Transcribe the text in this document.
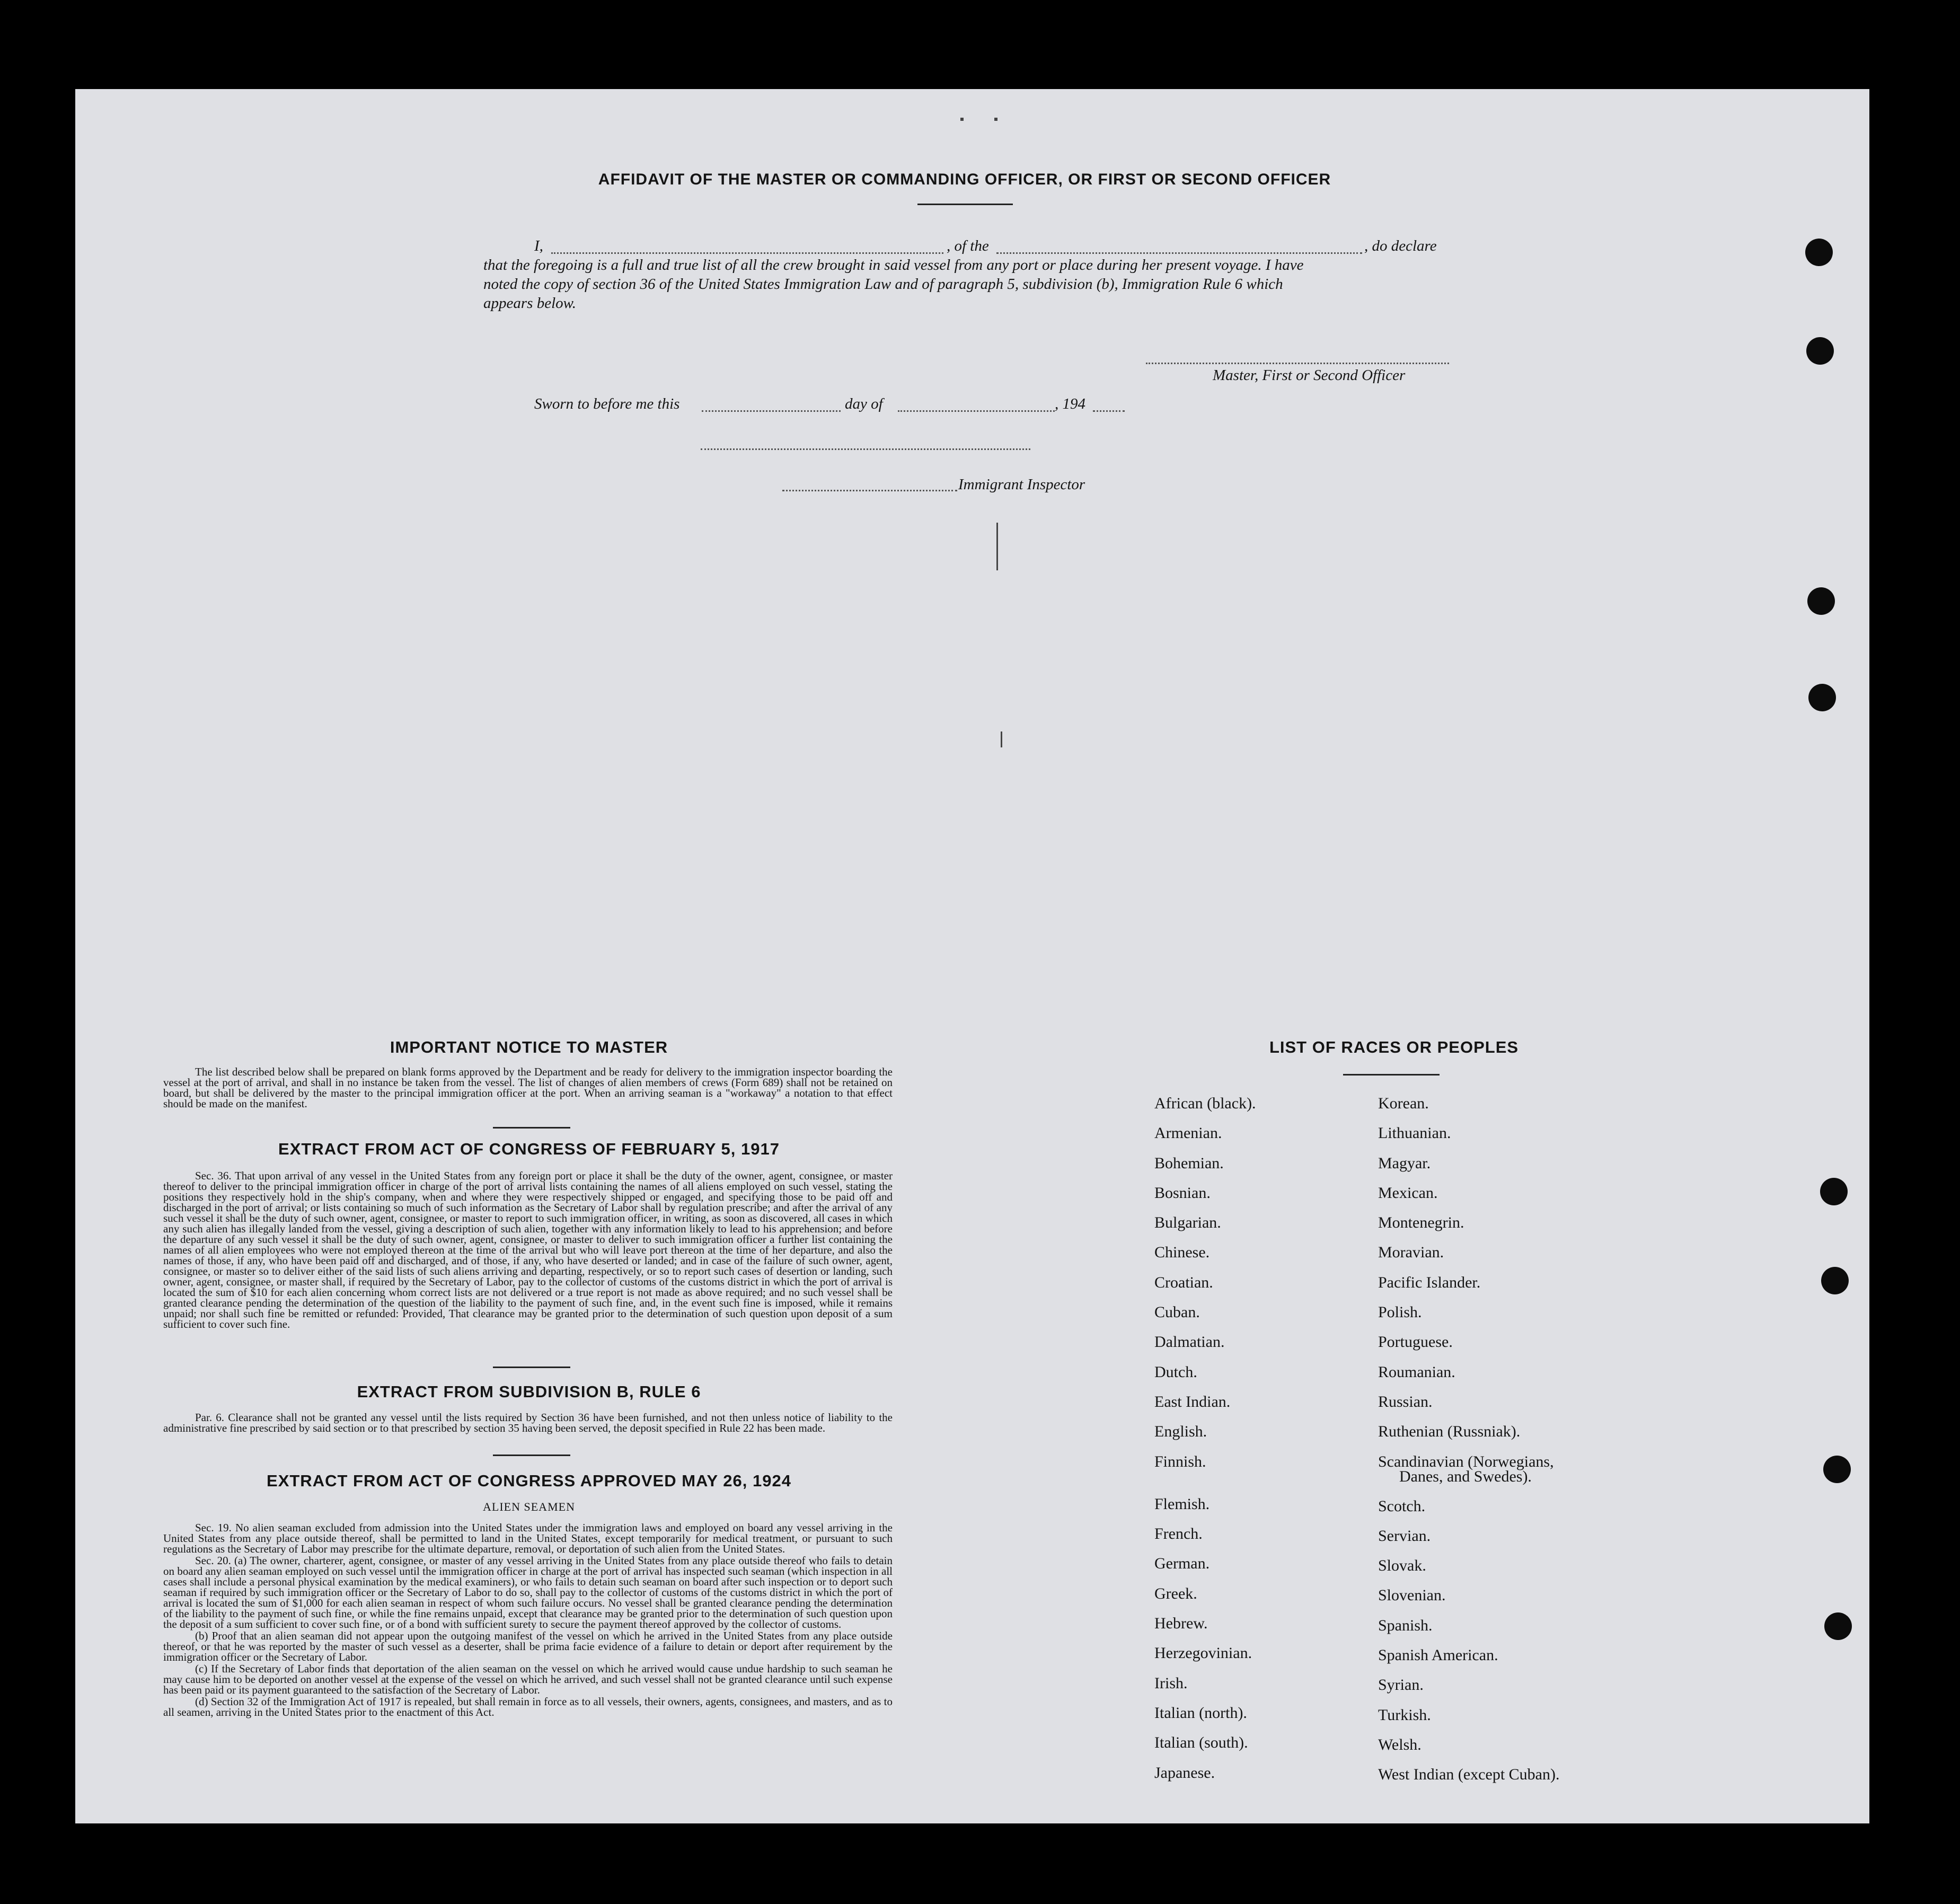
AFFIDAVIT OF THE MASTER OR COMMANDING OFFICER, OR FIRST OR SECOND OFFICER
I,	, of the	, do declare
that the foregoing is a full and true list of all the crew brought in said vessel from any port or place during her present voyage. I have
noted the copy of section 36 of the United States Immigration Law and of paragraph 5, subdivision (b), Immigration Rule 6 which
appears below.
Master, First or Second Officer
Sworn to before me this	day of	, 194
Immigrant Inspector
IMPORTANT NOTICE TO MASTER

The list described below shall be prepared on blank forms approved by the Department and be ready for delivery to the immigration inspector boarding the vessel at the port of arrival, and shall in no instance be taken from the vessel. The list of changes of alien members of crews (Form 689) shall not be retained on board, but shall be delivered by the master to the principal immigration officer at the port. When an arriving seaman is a "workaway" a notation to that effect should be made on the manifest.

EXTRACT FROM ACT OF CONGRESS OF FEBRUARY 5, 1917

Sec. 36. That upon arrival of any vessel in the United States from any foreign port or place it shall be the duty of the owner, agent, consignee, or master thereof to deliver to the principal immigration officer in charge of the port of arrival lists containing the names of all aliens employed on such vessel, stating the positions they respectively hold in the ship's company, when and where they were respectively shipped or engaged, and specifying those to be paid off and discharged in the port of arrival; or lists containing so much of such information as the Secretary of Labor shall by regulation prescribe; and after the arrival of any such vessel it shall be the duty of such owner, agent, consignee, or master to report to such immigration officer, in writing, as soon as discovered, all cases in which any such alien has illegally landed from the vessel, giving a description of such alien, together with any information likely to lead to his apprehension; and before the departure of any such vessel it shall be the duty of such owner, agent, consignee, or master to deliver to such immigration officer a further list containing the names of all alien employees who were not employed thereon at the time of the arrival but who will leave port thereon at the time of her departure, and also the names of those, if any, who have been paid off and discharged, and of those, if any, who have deserted or landed; and in case of the failure of such owner, agent, consignee, or master so to deliver either of the said lists of such aliens arriving and departing, respectively, or so to report such cases of desertion or landing, such owner, agent, consignee, or master shall, if required by the Secretary of Labor, pay to the collector of customs of the customs district in which the port of arrival is located the sum of $10 for each alien concerning whom correct lists are not delivered or a true report is not made as above required; and no such vessel shall be granted clearance pending the determination of the question of the liability to the payment of such fine, and, in the event such fine is imposed, while it remains unpaid; nor shall such fine be remitted or refunded: Provided, That clearance may be granted prior to the determination of such question upon deposit of a sum sufficient to cover such fine.

EXTRACT FROM SUBDIVISION B, RULE 6

Par. 6. Clearance shall not be granted any vessel until the lists required by Section 36 have been furnished, and not then unless notice of liability to the administrative fine prescribed by said section or to that prescribed by section 35 having been served, the deposit specified in Rule 22 has been made.

EXTRACT FROM ACT OF CONGRESS APPROVED MAY 26, 1924
ALIEN SEAMEN

Sec. 19. No alien seaman excluded from admission into the United States under the immigration laws and employed on board any vessel arriving in the United States from any place outside thereof, shall be permitted to land in the United States, except temporarily for medical treatment, or pursuant to such regulations as the Secretary of Labor may prescribe for the ultimate departure, removal, or deportation of such alien from the United States.

Sec. 20. (a) The owner, charterer, agent, consignee, or master of any vessel arriving in the United States from any place outside thereof who fails to detain on board any alien seaman employed on such vessel until the immigration officer in charge at the port of arrival has inspected such seaman (which inspection in all cases shall include a personal physical examination by the medical examiners), or who fails to detain such seaman on board after such inspection or to deport such seaman if required by such immigration officer or the Secretary of Labor to do so, shall pay to the collector of customs of the customs district in which the port of arrival is located the sum of $1,000 for each alien seaman in respect of whom such failure occurs. No vessel shall be granted clearance pending the determination of the liability to the payment of such fine, or while the fine remains unpaid, except that clearance may be granted prior to the determination of such question upon the deposit of a sum sufficient to cover such fine, or of a bond with sufficient surety to secure the payment thereof approved by the collector of customs.

(b) Proof that an alien seaman did not appear upon the outgoing manifest of the vessel on which he arrived in the United States from any place outside thereof, or that he was reported by the master of such vessel as a deserter, shall be prima facie evidence of a failure to detain or deport after requirement by the immigration officer or the Secretary of Labor.

(c) If the Secretary of Labor finds that deportation of the alien seaman on the vessel on which he arrived would cause undue hardship to such seaman he may cause him to be deported on another vessel at the expense of the vessel on which he arrived, and such vessel shall not be granted clearance until such expense has been paid or its payment guaranteed to the satisfaction of the Secretary of Labor.

(d) Section 32 of the Immigration Act of 1917 is repealed, but shall remain in force as to all vessels, their owners, agents, consignees, and masters, and as to all seamen, arriving in the United States prior to the enactment of this Act.

LIST OF RACES OR PEOPLES
African (black).
Armenian.
Bohemian.
Bosnian.
Bulgarian.
Chinese.
Croatian.
Cuban.
Dalmatian.
Dutch.
East Indian.
English.
Finnish.
Flemish.
French.
German.
Greek.
Hebrew.
Herzegovinian.
Irish.
Italian (north).
Italian (south).
Japanese.
Korean.
Lithuanian.
Magyar.
Mexican.
Montenegrin.
Moravian.
Pacific Islander.
Polish.
Portuguese.
Roumanian.
Russian.
Ruthenian (Russniak).
Scandinavian (Norwegians,
Danes, and Swedes).
Scotch.
Servian.
Slovak.
Slovenian.
Spanish.
Spanish American.
Syrian.
Turkish.
Welsh.
West Indian (except Cuban).
